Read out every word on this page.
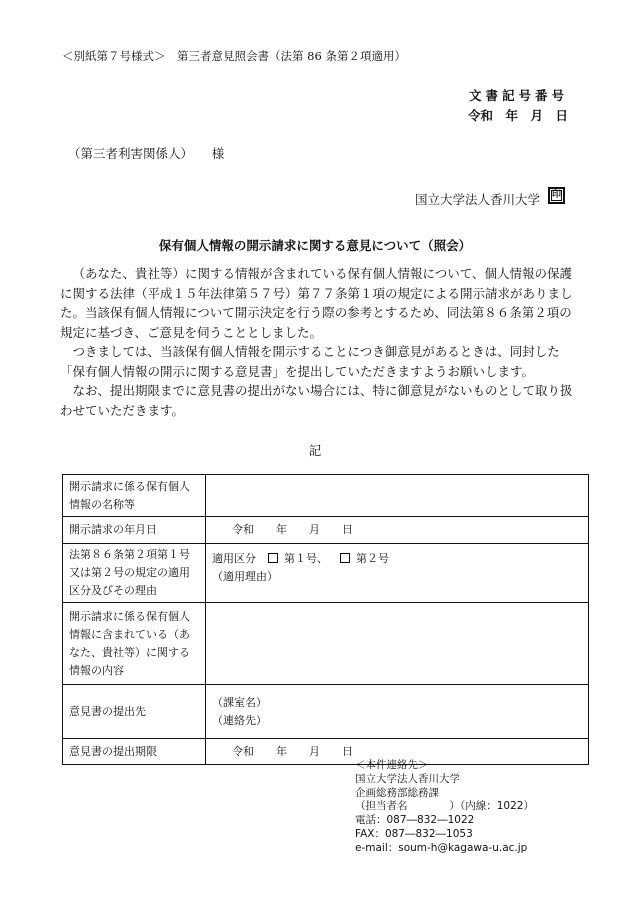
＜別紙第７号様式＞　第三者意見照会書（法第 86 条第２項適用）
文書記号番号
令和　年　月　日
（第三者利害関係人）　　様
国立大学法人香川大学	印
保有個人情報の開示請求に関する意見について（照会）

（あなた、貴社等）に関する情報が含まれている保有個人情報について、個人情報の保護に関する法律（平成１５年法律第５７号）第７７条第１項の規定による開示請求がありました。当該保有個人情報について開示決定を行う際の参考とするため、同法第８６条第２項の規定に基づき、ご意見を伺うこととしました。

つきましては、当該保有個人情報を開示することにつき御意見があるときは、同封した「保有個人情報の開示に関する意見書」を提出していただきますようお願いします。

なお、提出期限までに意見書の提出がない場合には、特に御意見がないものとして取り扱わせていただきます。

記
開示請求に係る保有個人情報の名称等	
開示請求の年月日	令和 年 月 日
法第８６条第２項第１号又は第２号の規定の適用区分及びその理由	適用区分 第１号、 第２号
（適用理由）

開示請求に係る保有個人情報に含まれている（あなた、貴社等）に関する情報の内容	
意見書の提出先	（課室名）
（連絡先）

意見書の提出期限	令和 年 月 日
＜本件連絡先＞
国立大学法人香川大学
企画総務部総務課
（担当者名　　　　）（内線：1022）
電話：087―832―1022
FAX：087―832―1053
e-mail：soum-h@kagawa-u.ac.jp
